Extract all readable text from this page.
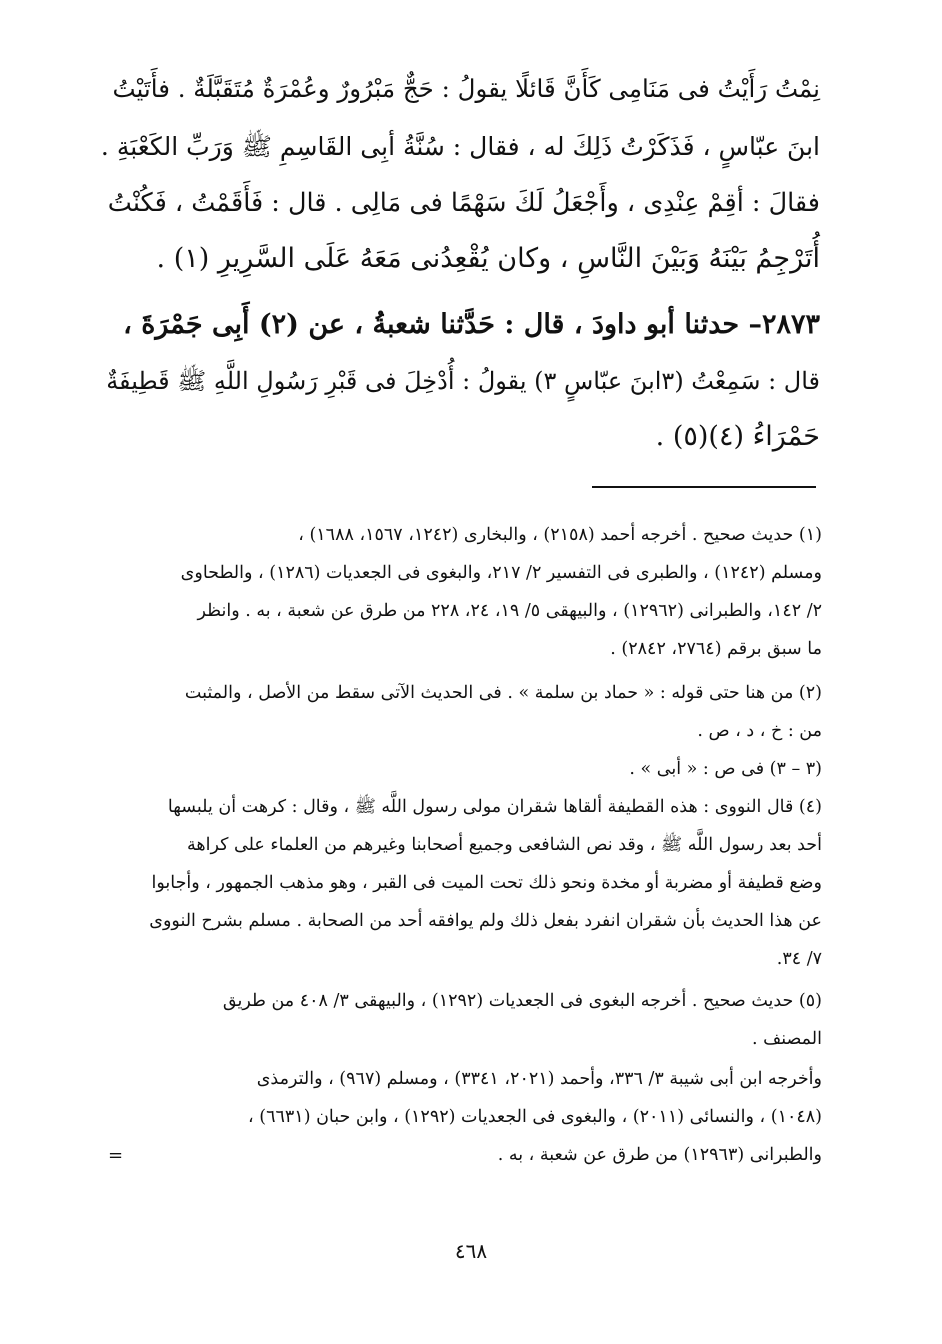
نِمْتُ رَأَيْتُ فى مَنَامِى كَأَنَّ قَائلًا يقولُ : حَجٌّ مَبْرُورٌ وعُمْرَةٌ مُتَقَبَّلَةٌ . فأَتَيْتُ
ابنَ عبّاسٍ ، فَذَكَرْتُ ذَلِكَ له ، فقال : سُنَّةُ أبِى القَاسِمِ ﷺ وَرَبِّ الكَعْبَةِ .
فقالَ : أقِمْ عِنْدِى ، وأَجْعَلُ لَكَ سَهْمًا فى مَالِى . قال : فَأَقَمْتُ ، فَكُنْتُ
أُتَرْجِمُ بَيْنَهُ وَبَيْنَ النَّاسِ ، وكان يُقْعِدُنى مَعَهُ عَلَى السَّرِيرِ (١) .
٢٨٧٣– حدثنا أبو داودَ ، قال : حَدَّثنا شعبةُ ، عن (٢) أَبِى جَمْرَةَ ،
قال : سَمِعْتُ (٣ابنَ عبّاسٍ ٣) يقولُ : أُدْخِلَ فى قَبْرِ رَسُولِ اللَّهِ ﷺ قَطِيفَةٌ
حَمْرَاءُ (٤)(٥) .
(١) حديث صحيح . أخرجه أحمد (٢١٥٨) ، والبخارى (١٢٤٢، ١٥٦٧، ١٦٨٨) ،
ومسلم (١٢٤٢) ، والطبرى فى التفسير ٢/ ٢١٧، والبغوى فى الجعديات (١٢٨٦) ، والطحاوى
٢/ ١٤٢، والطبرانى (١٢٩٦٢) ، والبيهقى ٥/ ١٩، ٢٤، ٢٢٨ من طرق عن شعبة ، به . وانظر
ما سبق برقم (٢٧٦٤، ٢٨٤٢) .
(٢) من هنا حتى قوله : « حماد بن سلمة » . فى الحديث الآتى سقط من الأصل ، والمثبت
من : خ ، د ، ص .
(٣ – ٣) فى ص : « أبى » .
(٤) قال النووى : هذه القطيفة ألقاها شقران مولى رسول اللَّه ﷺ ، وقال : كرهت أن يلبسها
أحد بعد رسول اللَّه ﷺ ، وقد نص الشافعى وجميع أصحابنا وغيرهم من العلماء على كراهة
وضع قطيفة أو مضربة أو مخدة ونحو ذلك تحت الميت فى القبر ، وهو مذهب الجمهور ، وأجابوا
عن هذا الحديث بأن شقران انفرد بفعل ذلك ولم يوافقه أحد من الصحابة . مسلم بشرح النووى
٧/ ٣٤.
(٥) حديث صحيح . أخرجه البغوى فى الجعديات (١٢٩٢) ، والبيهقى ٣/ ٤٠٨ من طريق
المصنف .
وأخرجه ابن أبى شيبة ٣/ ٣٣٦، وأحمد (٢٠٢١، ٣٣٤١) ، ومسلم (٩٦٧) ، والترمذى
(١٠٤٨) ، والنسائى (٢٠١١) ، والبغوى فى الجعديات (١٢٩٢) ، وابن حبان (٦٦٣١) ،
والطبرانى (١٢٩٦٣) من طرق عن شعبة ، به .
=
٤٦٨
